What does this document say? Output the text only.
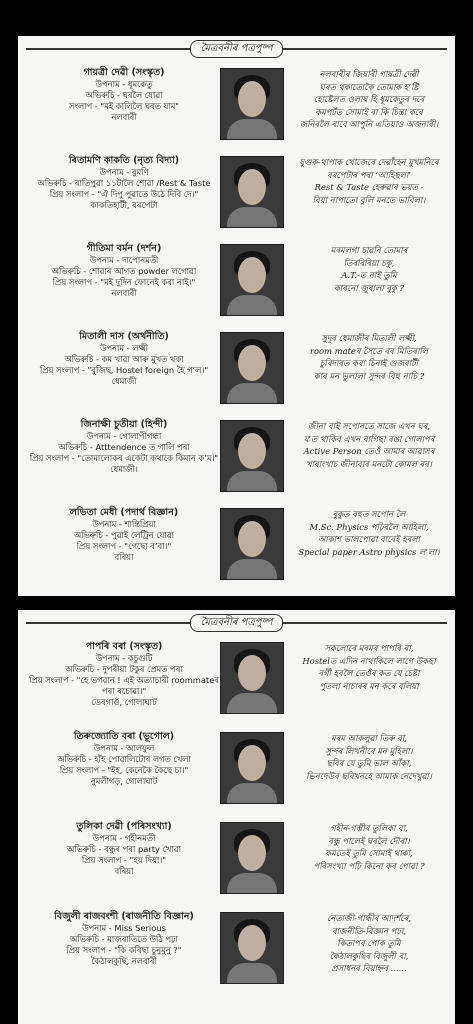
মৈত্ৰবনীৰ পত্ৰপুষ্প
গায়ত্ৰী দেৱী (সংস্কৃত)
উপনাম - ধূমকেতু
অভিৰুচি - ঘৰলৈ যোৱা
সংলাপ - "মই কালিলৈ ঘৰত যাম"
নলবাৰী
নলবাৰীৰ জিয়াৰী গায়ত্ৰী দেৱী
ঘৰত থকাতোকৈ তোমাক হ’ষ্টি
হোষ্টেলত ওলায় হি ধূমকেতুৰ দৰে
কমপৰ্টত সোমাই বা কি চিন্তা কৰে
জনিবলৈ বাবে আপুনি এতিয়াও অজনাৰী।
ৰিতামণি কাকতি (নৃত্য বিদ্যা)
উপনাম - বুমণি
অভিৰুচি - ৰাতিপুৱা ১১টালৈ শোৱা /Rest & Taste
প্ৰিয় সংলাপ - "ঐ দিপু পুৱাতে উঠে দিবি দে।"
কাকতিহাটী, বৰপেটা
যুগুক-থাপাক খোজেৰে দেৱাঁহেন মুখমনিৰে
বৰপেটাৰ পৰা ‘আহিছলা’
Rest & Taste হেৰুৱাৰ ভয়ত -
বিয়া নাপাতো বুলি মনতে ভাবিলা।
গীতিমা বৰ্মন (দৰ্শন)
উপনাম - দাপোনমতী
অভিৰুচি - শোৱাৰ আগত powder লগোৱা
প্ৰিয় সংলাপ - "মই দুদিন ফোনেই কৰা নাই।"
নলবাৰী
মৰমলগা চাৱনি তোমাৰ
তিৰবিৰিয়া চকু,
A.T.-ত নাই তুমি
কাৰনো জুৰালা বুকু ?
মিতালী দাস (অৰ্থনীতি)
উপনাম - লক্ষ্মী
অভিৰুচি - কম খাৱা আৰু মুখত থকা
প্ৰিয় সংলাপ - "বুজিছ, Hostel foreign হৈ গ’ল।"
ধেমাজী
সুদূৰ ধেমাজীৰ মিতালী লক্ষ্মী,
room mateৰ সৈতে বৰ মিতিৰালি
চুৰিদাৰত কৰা চিনাই গুজৰাটী
কাৰ মন ভুলালা সুন্দৰ বিহু নাচি ?
জিনাক্ষী চুতীয়া (হিন্দী)
উপনাম - গোলাপীগন্ধা
অভিৰুচি - Atttendence ত গালি পৰা
প্ৰিয় সংলাপ - "তোমালোকৰ একেটা কথাকে কিমান ক’ম।"
ধেমাজী।
জীনা বাই সপোনতে সাজে এখন ঘৰ,
য’ত থাকিব এখন বাগিছা ৰঙা গোলাপৰ
Active Person তেওঁ আমাৰ আৱাসৰ
খাৰাংখাচ জীনাবাৰ মনটো কোমল বৰ।
লভিতা মেধী (পদাৰ্থ বিজ্ঞান)
উপনাম - শান্তিপ্ৰিয়া
অভিৰুচি - পুৱাই লেট্ৰিন যোৱা
প্ৰিয় সংলাপ - "গেছো ব’বা।"
বৰিয়া
বুকুত বহুত সপোন লৈ
M.Sc. Physics পঢ়িবলৈ আহিলা,
আকাশ ভালপোৱা বাবেই হবলা
Special paper Astro physics ল’লা।
মৈত্ৰবনীৰ পত্ৰপুষ্প
পাপৰি বৰা (সংস্কৃত)
উপনাম - কচুগুটি
অভিৰুচি - দুপৰীয়া টকুৰ প্ৰেমত পৰা
প্ৰিয় সংলাপ - "হে ভগৱান ! এই অত্যাচাৰী roommateৰ পৰা ৰচোৱা।"
ডেৰগাওঁ, গোলাঘাট
সকলোৰে মৰমৰ পাপৰি বা,
Hostelত এদিন নাথাকিলে লাগে উকছা
বৰ্গী হবলৈ তেওঁৰ কত যে চেষ্টা
পুতলা নাচাৰৰ মন কৰে বলিয়া
তিৰুজ্যোতি বৰা (ভূগোল)
উপনাম - আলফুল
অভিৰুচি - হাঁহ পোৱালিটোৰ লগত খেলা
প্ৰিয় সংলাপ - "ইহ, কেনেকৈ কৈছে চা।"
নুমলীগড়, গোলাঘাট
মৰম আকলুৱা তিৰু বা,
সুন্দৰ লিখনীৰে মন মুহিলা।
ছবিৰ যে তুমি ভাল আঁকা,
ভিনদেউৰ ছবিখনহে আমাক নেদেখুৱা।
তুলিকা দেৱী (পৰিসংখ্যা)
উপনাম - গহীনমতী
অভিৰুচি - বন্ধুৰ পৰা party খোৱা
প্ৰিয় সংলাপ - "হয় দিয়া।"
বৰিয়া
গহীন-গম্ভীৰ তুলিকা বা,
বন্ধু পালেই ঘৰলৈ দৌৰা।
কমতেই তুমি সোমাই থাকা,
পৰিসংখ্যা পঢ়ি কিনো কৰ পোৱা ?
বিজুলী ৰাজবংশী (ৰাজনীতি বিজ্ঞান)
উপনাম - Miss Serious
অভিৰুচি - মাজৰাতিতে উঠি পঢ়া
প্ৰিয় সংলাপ - "কি কৰিছা চুনুমুনু ?"
কৈঠালকুছি, নলবাৰী
নেতাজী-গান্ধীৰ আদৰ্শৰে,
ৰাজনীতি-বিজ্ঞান পঢ়া,
কিতাপৰ পোক তুমি
কৈঠালকুছিৰ বিজুলী বা,
প্ৰসাধনৰ বিয়াহ্নৰ ......
